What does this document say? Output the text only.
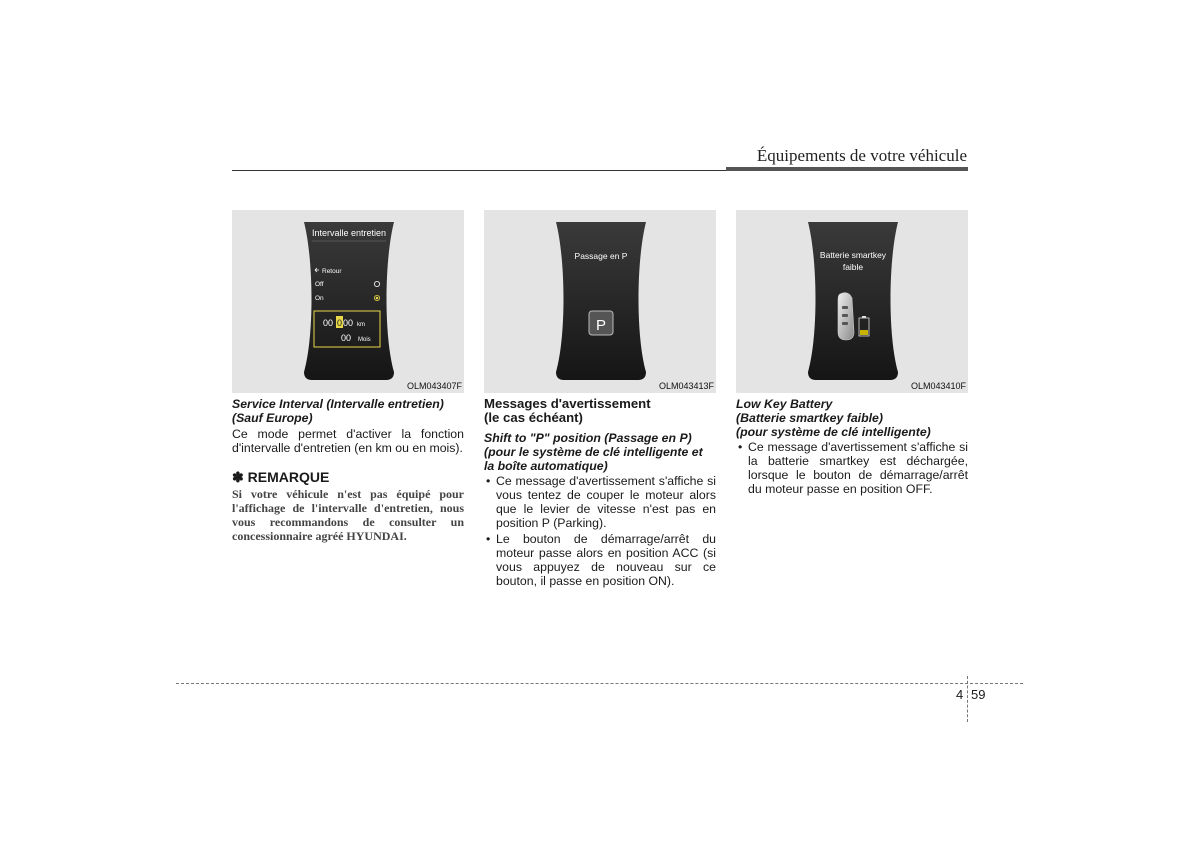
Équipements de votre véhicule
Intervalle entretien
Retour
Off
On
00 0 00 km
00 Mois
OLM043407F
Passage en P
P
OLM043413F
Batterie smartkey
faible
OLM043410F
Service Interval (Intervalle entretien)
(Sauf Europe)

Ce mode permet d'activer la fonction d'intervalle d'entretien (en km ou en mois).

✽ REMARQUE

Si votre véhicule n'est pas équipé pour l'affichage de l'intervalle d'entretien, nous vous recommandons de consulter un concessionnaire agréé HYUNDAI.

Messages d'avertissement
(le cas échéant)
Shift to "P" position (Passage en P)
(pour le système de clé intelligente et
la boîte automatique)
• Ce message d'avertissement s'affiche si vous tentez de couper le moteur alors que le levier de vitesse n'est pas en position P (Parking).
• Le bouton de démarrage/arrêt du moteur passe alors en position ACC (si vous appuyez de nouveau sur ce bouton, il passe en position ON).
Low Key Battery
(Batterie smartkey faible)
(pour système de clé intelligente)
• Ce message d'avertissement s'affiche si la batterie smartkey est déchargée, lorsque le bouton de démarrage/arrêt du moteur passe en position OFF.
4 59
